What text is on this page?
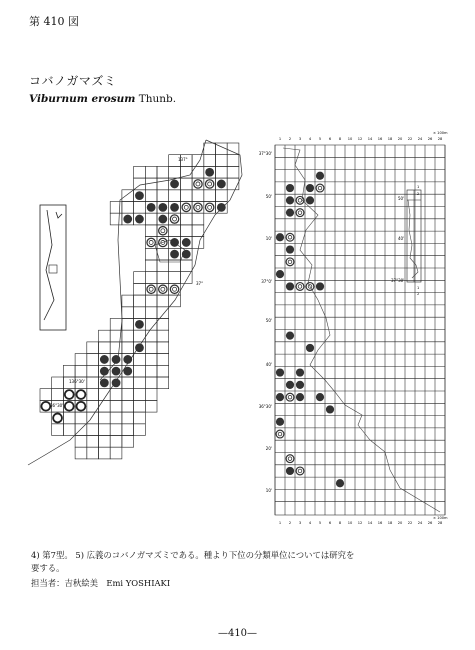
第 410 図
コバノガマズミ
Viburnum erosum Thunb.
137°
37°
136°30'
36°30'
1 2 3 4 5 6 8 10 12 14 16 18 20 22 24 26 28
1 2 3 4 5 6 8 10 12 14 16 18 20 22 24 26 28
× 100m
× 100m
37°30'
50'
10'
37°0'
50'
40'
36°30'
20'
10'
1
2
50'
40'
37°30'
1
2
4) 第7型。 5) 広義のコバノガマズミである。種より下位の分類単位については研究を
要する。
担当者：吉秋絵美　Emi YOSHIAKI
—410—
